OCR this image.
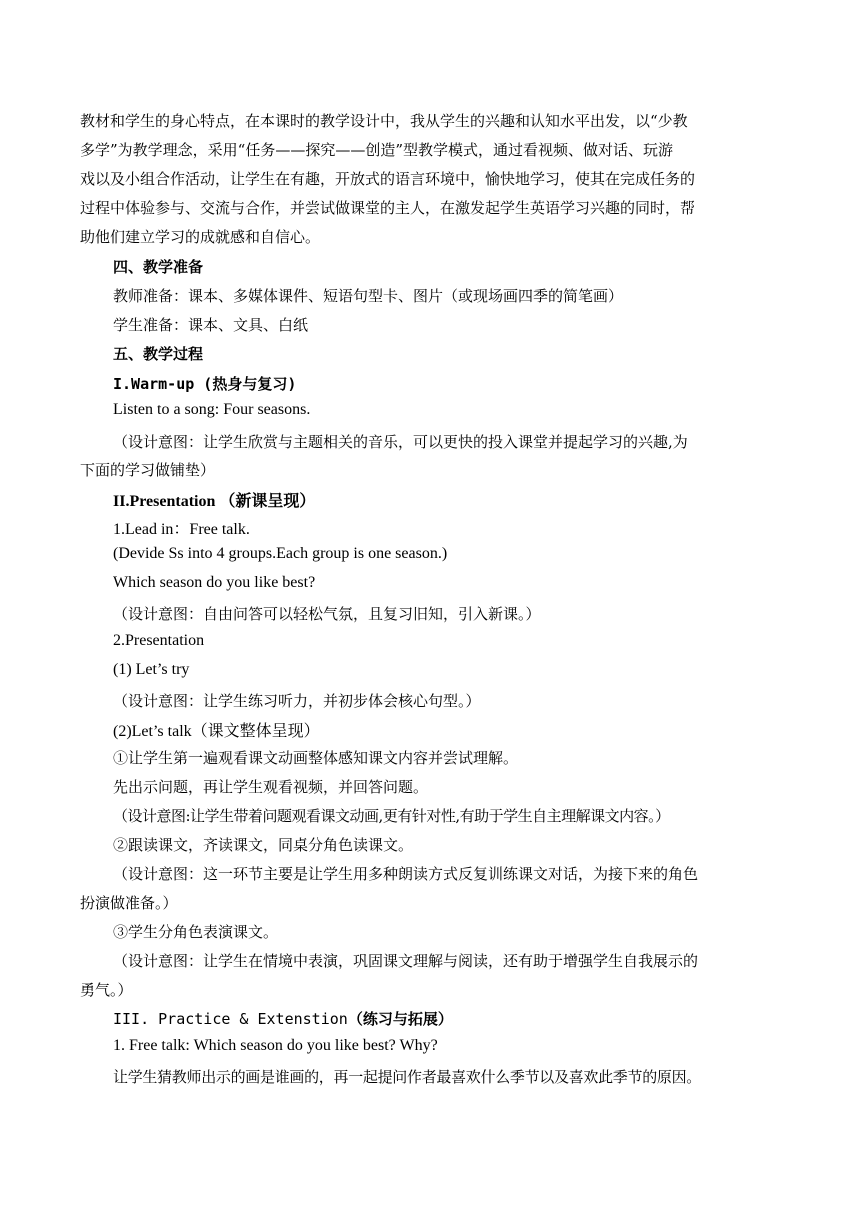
教材和学生的身心特点，在本课时的教学设计中，我从学生的兴趣和认知水平出发，以“少教
多学”为教学理念，采用“任务——探究——创造”型教学模式，通过看视频、做对话、玩游
戏以及小组合作活动，让学生在有趣，开放式的语言环境中，愉快地学习，使其在完成任务的
过程中体验参与、交流与合作，并尝试做课堂的主人，在激发起学生英语学习兴趣的同时，帮
助他们建立学习的成就感和自信心。
四、教学准备
教师准备：课本、多媒体课件、短语句型卡、图片（或现场画四季的简笔画）
学生准备：课本、文具、白纸
五、教学过程
I.Warm-up (热身与复习)
Listen to a song: Four seasons.
（设计意图：让学生欣赏与主题相关的音乐，可以更快的投入课堂并提起学习的兴趣,为
下面的学习做铺垫）
II.Presentation （新课呈现）
1.Lead in：Free talk.
(Devide Ss into 4 groups.Each group is one season.)
Which season do you like best?
（设计意图：自由问答可以轻松气氛，且复习旧知，引入新课。）
2.Presentation
(1) Let’s try
（设计意图：让学生练习听力，并初步体会核心句型。）
(2)Let’s talk（课文整体呈现）
①让学生第一遍观看课文动画整体感知课文内容并尝试理解。
先出示问题，再让学生观看视频，并回答问题。
（设计意图:让学生带着问题观看课文动画,更有针对性,有助于学生自主理解课文内容。）
②跟读课文，齐读课文，同桌分角色读课文。
（设计意图：这一环节主要是让学生用多种朗读方式反复训练课文对话，为接下来的角色
扮演做准备。）
③学生分角色表演课文。
（设计意图：让学生在情境中表演，巩固课文理解与阅读，还有助于增强学生自我展示的
勇气。）
III. Practice & Extenstion（练习与拓展）
1. Free talk: Which season do you like best? Why?
让学生猜教师出示的画是谁画的，再一起提问作者最喜欢什么季节以及喜欢此季节的原因。
